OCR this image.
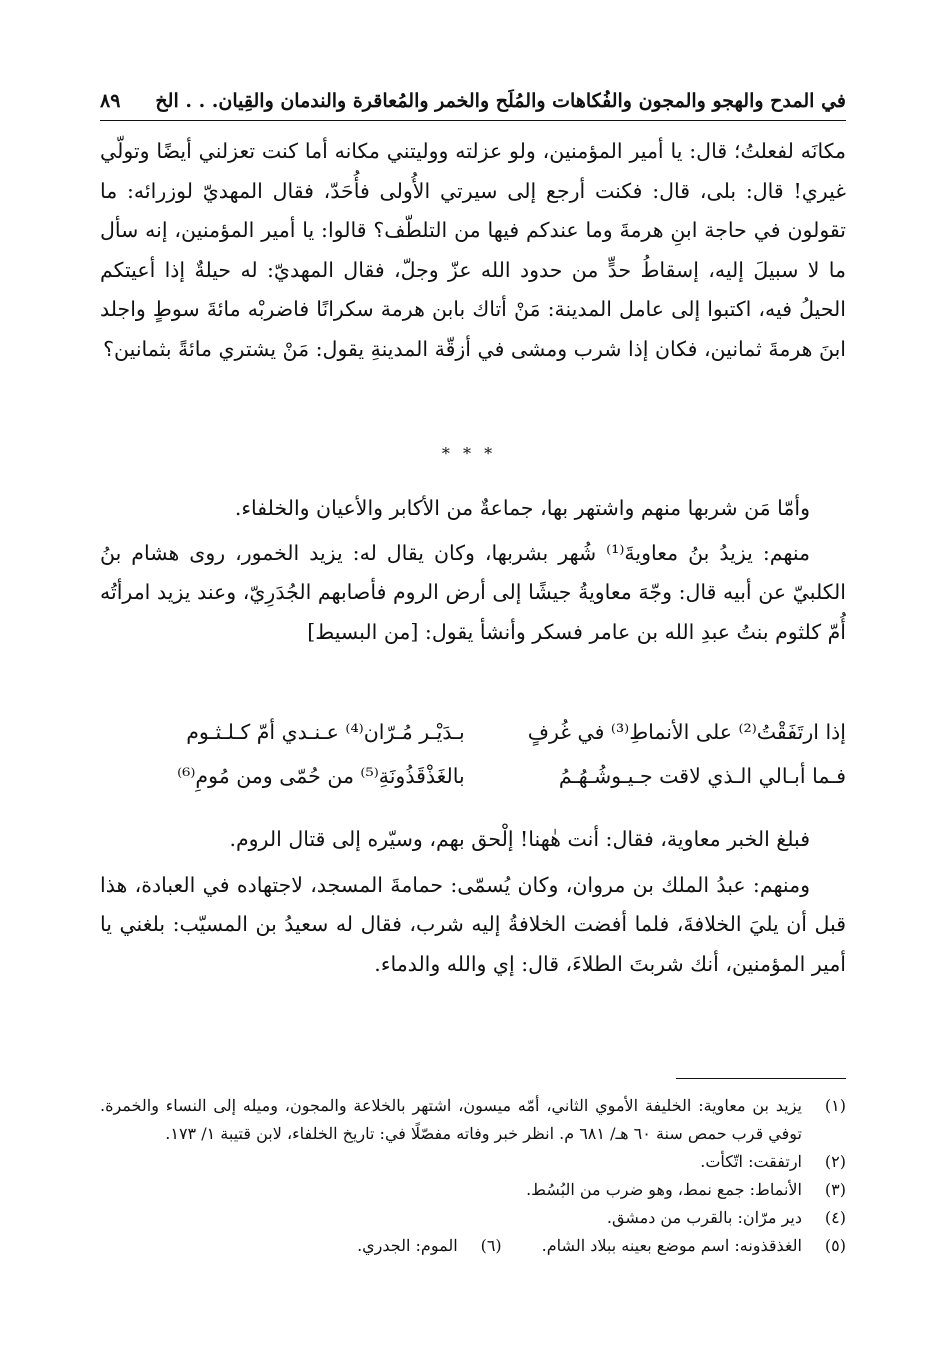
في المدح والهجو والمجون والفُكاهات والمُلَح والخمر والمُعاقرة والندمان والقِيان. . . الخ
٨٩

مكانَه لفعلتُ؛ قال: يا أمير المؤمنين، ولو عزلته ووليتني مكانه أما كنت تعزلني أيضًا وتولّي غيري! قال: بلى، قال: فكنت أرجع إلى سيرتي الأُولى فأُحَدّ، فقال المهديّ لوزرائه: ما تقولون في حاجة ابنِ هرمةَ وما عندكم فيها من التلطّف؟ قالوا: يا أمير المؤمنين، إنه سأل ما لا سبيلَ إليه، إسقاطُ حدٍّ من حدود الله عزّ وجلّ، فقال المهديّ: له حيلةٌ إذا أعيتكم الحيلُ فيه، اكتبوا إلى عامل المدينة: مَنْ أتاك بابن هرمة سكرانًا فاضربْه مائةَ سوطٍ واجلد ابنَ هرمةَ ثمانين، فكان إذا شرب ومشى في أزقّة المدينةِ يقول: مَنْ يشتري مائةً بثمانين؟

* * *

وأمّا مَن شربها منهم واشتهر بها، جماعةٌ من الأكابر والأعيان والخلفاء.

منهم: يزيدُ بنُ معاويةَ⁽¹⁾ شُهر بشربها، وكان يقال له: يزيد الخمور، روى هشام بنُ الكلبيّ عن أبيه قال: وجّهَ معاويةُ جيشًا إلى أرض الروم فأصابهم الجُدَرِيّ، وعند يزيد امرأتُه أُمّ كلثوم بنتُ عبدِ الله بن عامر فسكر وأنشأ يقول: [من البسيط]

إذا ارتَفَقْتُ⁽²⁾ على الأنماطِ⁽³⁾ في غُرفٍ
بـدَيْـر مُـرّان⁽⁴⁾ عـنـدي أمّ كـلـثـوم
فـما أبـالي الـذي لاقت جـيـوشُـهُـمُ
بالغَذْقَذُونَةِ⁽⁵⁾ من حُمّى ومن مُومِ⁽⁶⁾

فبلغ الخبر معاوية، فقال: أنت هٰهنا! إلْحق بهم، وسيّره إلى قتال الروم.

ومنهم: عبدُ الملك بن مروان، وكان يُسمّى: حمامةَ المسجد، لاجتهاده في العبادة، هذا قبل أن يليَ الخلافةَ، فلما أفضت الخلافةُ إليه شرب، فقال له سعيدُ بن المسيّب: بلغني يا أمير المؤمنين، أنك شربتَ الطلاءَ، قال: إي والله والدماء.

(١)
يزيد بن معاوية: الخليفة الأموي الثاني، أمّه ميسون، اشتهر بالخلاعة والمجون، وميله إلى النساء والخمرة. توفي قرب حمص سنة ٦٠ هـ/ ٦٨١ م. انظر خبر وفاته مفصّلًا في: تاريخ الخلفاء، لابن قتيبة ١/ ١٧٣.
(٢)
ارتفقت: اتّكأت.
(٣)
الأنماط: جمع نمط، وهو ضرب من البُسُط.
(٤)
دير مرّان: بالقرب من دمشق.
(٥)
الغذقذونه: اسم موضع بعينه ببلاد الشام.
(٦)
الموم: الجدري.
